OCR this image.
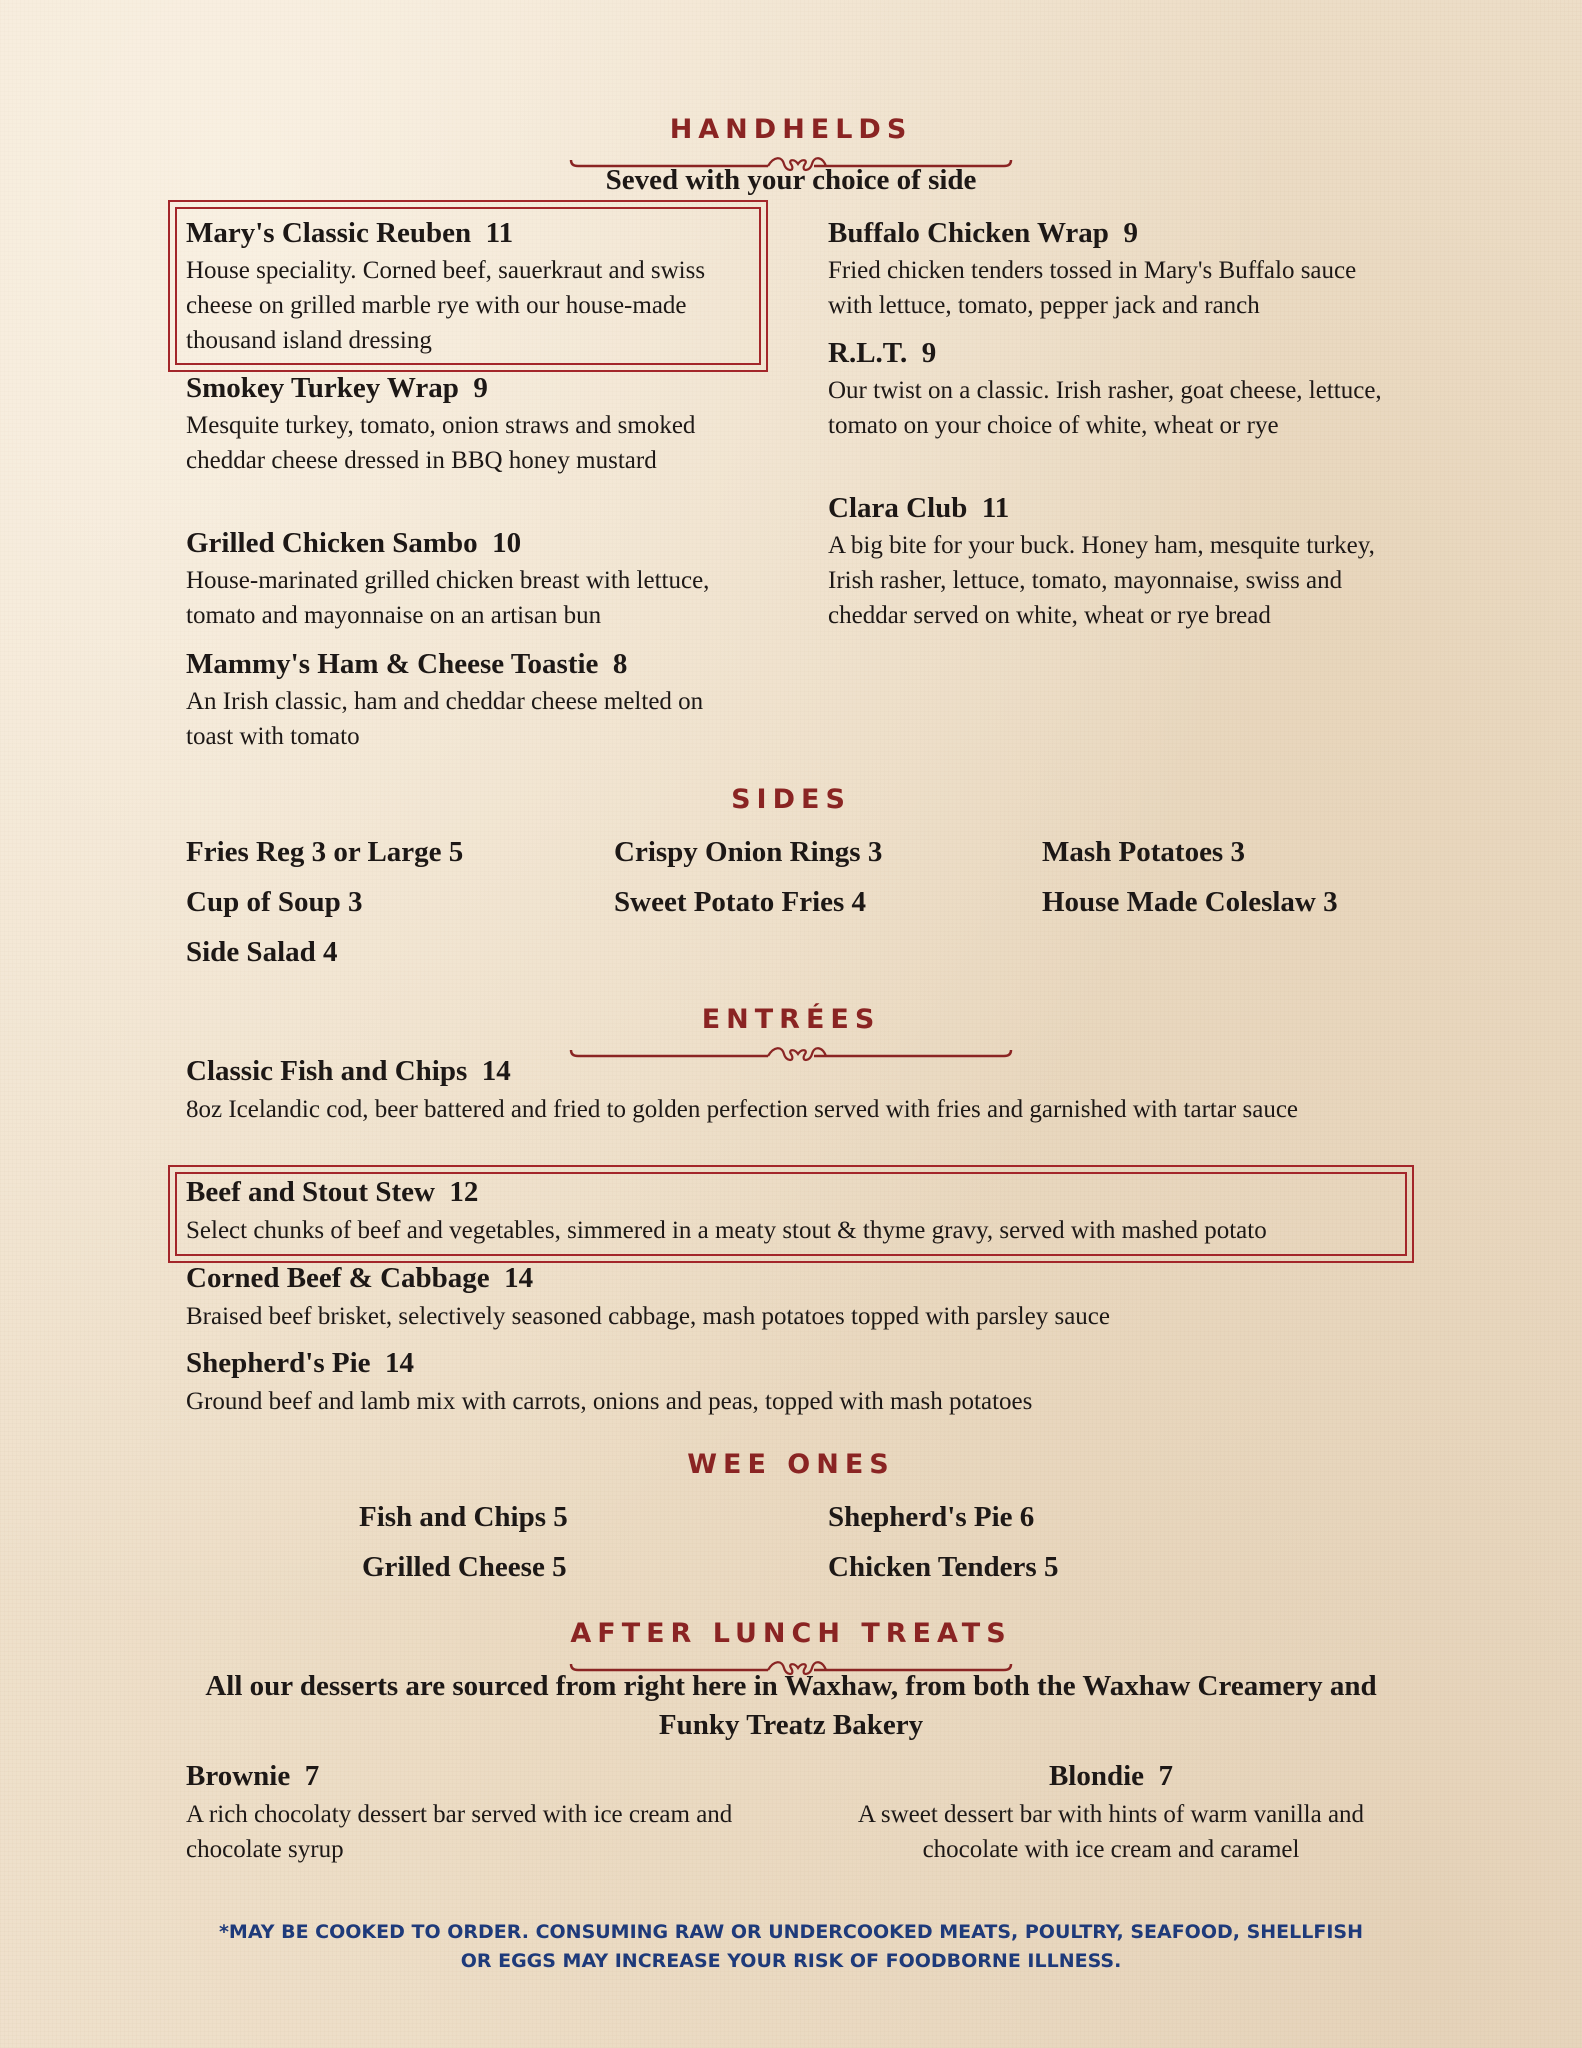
HANDHELDS
Seved with your choice of side
Mary's Classic Reuben 11
House speciality. Corned beef, sauerkraut and swiss cheese on grilled marble rye with our house-made thousand island dressing
Smokey Turkey Wrap 9
Mesquite turkey, tomato, onion straws and smoked cheddar cheese dressed in BBQ honey mustard
Grilled Chicken Sambo 10
House-marinated grilled chicken breast with lettuce, tomato and mayonnaise on an artisan bun
Mammy's Ham & Cheese Toastie 8
An Irish classic, ham and cheddar cheese melted on toast with tomato
Buffalo Chicken Wrap 9
Fried chicken tenders tossed in Mary's Buffalo sauce with lettuce, tomato, pepper jack and ranch
R.L.T. 9
Our twist on a classic. Irish rasher, goat cheese, lettuce, tomato on your choice of white, wheat or rye
Clara Club 11
A big bite for your buck. Honey ham, mesquite turkey, Irish rasher, lettuce, tomato, mayonnaise, swiss and cheddar served on white, wheat or rye bread
SIDES
Fries Reg 3 or Large 5	Crispy Onion Rings 3	Mash Potatoes 3
Cup of Soup 3	Sweet Potato Fries 4	House Made Coleslaw 3
Side Salad 4
ENTRÉES
Classic Fish and Chips 14
8oz Icelandic cod, beer battered and fried to golden perfection served with fries and garnished with tartar sauce
Beef and Stout Stew 12
Select chunks of beef and vegetables, simmered in a meaty stout & thyme gravy, served with mashed potato
Corned Beef & Cabbage 14
Braised beef brisket, selectively seasoned cabbage, mash potatoes topped with parsley sauce
Shepherd's Pie 14
Ground beef and lamb mix with carrots, onions and peas, topped with mash potatoes
WEE ONES
Fish and Chips 5	Shepherd's Pie 6
Grilled Cheese 5	Chicken Tenders 5
AFTER LUNCH TREATS
All our desserts are sourced from right here in Waxhaw, from both the Waxhaw Creamery and Funky Treatz Bakery
Brownie 7
A rich chocolaty dessert bar served with ice cream and chocolate syrup
Blondie 7
A sweet dessert bar with hints of warm vanilla and chocolate with ice cream and caramel
*MAY BE COOKED TO ORDER. CONSUMING RAW OR UNDERCOOKED MEATS, POULTRY, SEAFOOD, SHELLFISH OR EGGS MAY INCREASE YOUR RISK OF FOODBORNE ILLNESS.
